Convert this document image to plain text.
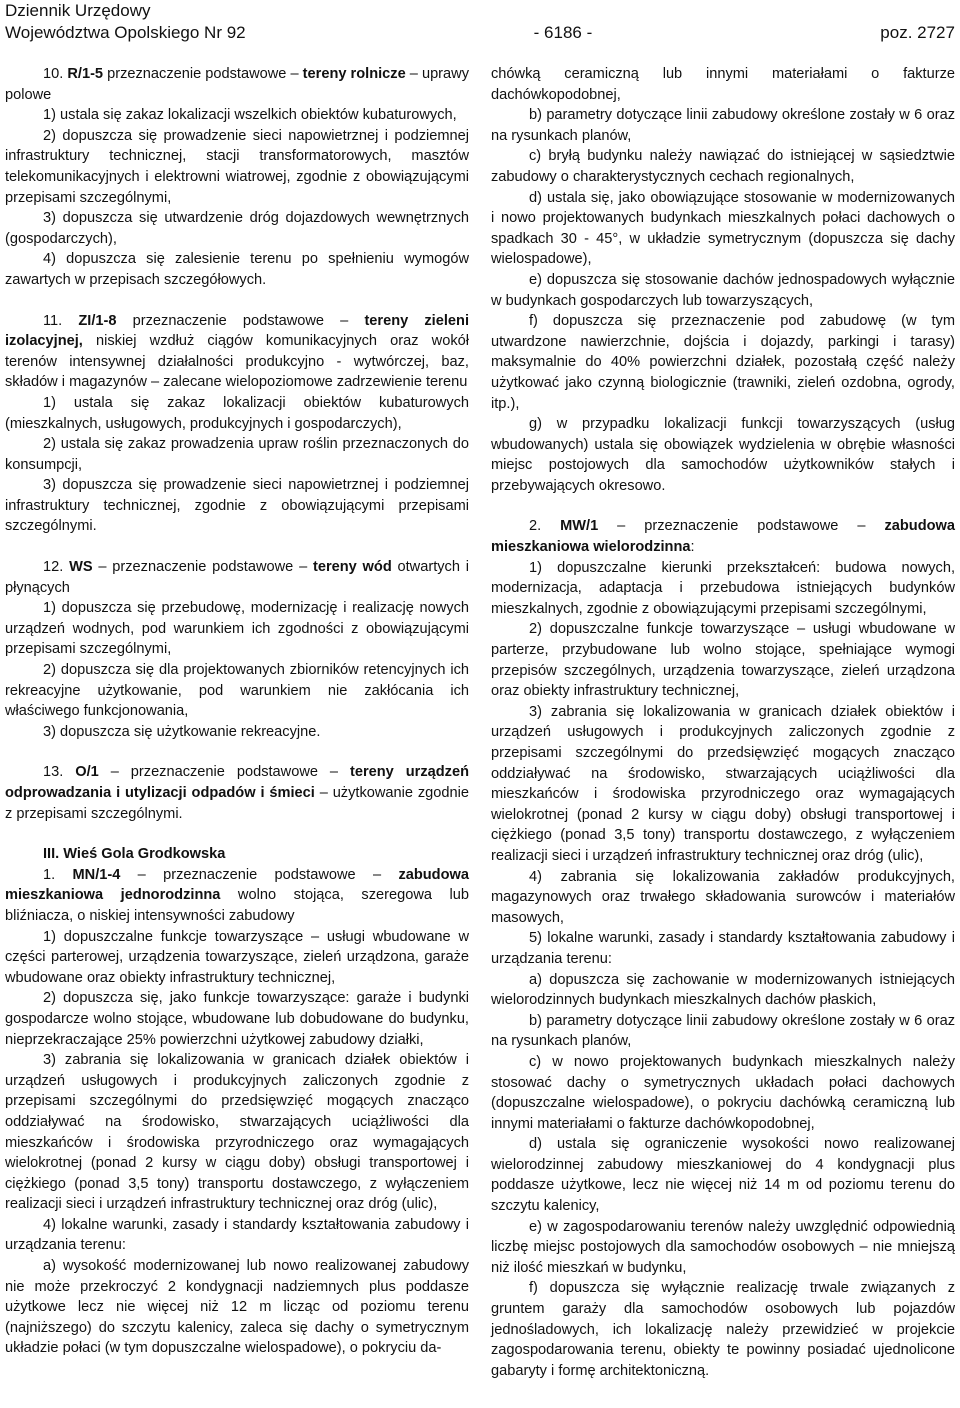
Dziennik Urzędowy
Województwa Opolskiego Nr 92	- 6186 -	poz. 2727

10. R/1-5 przeznaczenie podstawowe – tereny rolnicze – uprawy polowe

1) ustala się zakaz lokalizacji wszelkich obiektów kubaturowych,

2) dopuszcza się prowadzenie sieci napowietrznej i podziemnej infrastruktury technicznej, stacji transformatorowych, masztów telekomunikacyjnych i elektrowni wiatrowej, zgodnie z obowiązującymi przepisami szczególnymi,

3) dopuszcza się utwardzenie dróg dojazdowych wewnętrznych (gospodarczych),

4) dopuszcza się zalesienie terenu po spełnieniu wymogów zawartych w przepisach szczegółowych.

11. ZI/1-8 przeznaczenie podstawowe – tereny zieleni izolacyjnej, niskiej wzdłuż ciągów komunikacyjnych oraz wokół terenów intensywnej działalności produkcyjno - wytwórczej, baz, składów i magazynów – zalecane wielopoziomowe zadrzewienie terenu

1) ustala się zakaz lokalizacji obiektów kubaturowych (mieszkalnych, usługowych, produkcyjnych i gospodarczych),

2) ustala się zakaz prowadzenia upraw roślin przeznaczonych do konsumpcji,

3) dopuszcza się prowadzenie sieci napowietrznej i podziemnej infrastruktury technicznej, zgodnie z obowiązującymi przepisami szczególnymi.

12. WS – przeznaczenie podstawowe – tereny wód otwartych i płynących

1) dopuszcza się przebudowę, modernizację i realizację nowych urządzeń wodnych, pod warunkiem ich zgodności z obowiązującymi przepisami szczególnymi,

2) dopuszcza się dla projektowanych zbiorników retencyjnych ich rekreacyjne użytkowanie, pod warunkiem nie zakłócania ich właściwego funkcjonowania,

3) dopuszcza się użytkowanie rekreacyjne.

13. O/1 – przeznaczenie podstawowe – tereny urządzeń odprowadzania i utylizacji odpadów i śmieci – użytkowanie zgodnie z przepisami szczególnymi.

III. Wieś Gola Grodkowska

1. MN/1-4 – przeznaczenie podstawowe – zabudowa mieszkaniowa jednorodzinna wolno stojąca, szeregowa lub bliźniacza, o niskiej intensywności zabudowy

1) dopuszczalne funkcje towarzyszące – usługi wbudowane w części parterowej, urządzenia towarzyszące, zieleń urządzona, garaże wbudowane oraz obiekty infrastruktury technicznej,

2) dopuszcza się, jako funkcje towarzyszące: garaże i budynki gospodarcze wolno stojące, wbudowane lub dobudowane do budynku, nieprzekraczające 25% powierzchni użytkowej zabudowy działki,

3) zabrania się lokalizowania w granicach działek obiektów i urządzeń usługowych i produkcyjnych zaliczonych zgodnie z przepisami szczególnymi do przedsięwzięć mogących znacząco oddziaływać na środowisko, stwarzających uciążliwości dla mieszkańców i środowiska przyrodniczego oraz wymagających wielokrotnej (ponad 2 kursy w ciągu doby) obsługi transportowej i ciężkiego (ponad 3,5 tony) transportu dostawczego, z wyłączeniem realizacji sieci i urządzeń infrastruktury technicznej oraz dróg (ulic),

4) lokalne warunki, zasady i standardy kształtowania zabudowy i urządzania terenu:

a) wysokość modernizowanej lub nowo realizowanej zabudowy nie może przekroczyć 2 kondygnacji nadziemnych plus poddasze użytkowe lecz nie więcej niż 12 m licząc od poziomu terenu (najniższego) do szczytu kalenicy, zaleca się dachy o symetrycznym układzie połaci (w tym dopuszczalne wielospadowe), o pokryciu da-

chówką ceramiczną lub innymi materiałami o fakturze dachówkopodobnej,

b) parametry dotyczące linii zabudowy określone zostały w 6 oraz na rysunkach planów,

c) bryłą budynku należy nawiązać do istniejącej w sąsiedztwie zabudowy o charakterystycznych cechach regionalnych,

d) ustala się, jako obowiązujące stosowanie w modernizowanych i nowo projektowanych budynkach mieszkalnych połaci dachowych o spadkach 30 - 45°, w układzie symetrycznym (dopuszcza się dachy wielospadowe),

e) dopuszcza się stosowanie dachów jednospadowych wyłącznie w budynkach gospodarczych lub towarzyszących,

f) dopuszcza się przeznaczenie pod zabudowę (w tym utwardzone nawierzchnie, dojścia i dojazdy, parkingi i tarasy) maksymalnie do 40% powierzchni działek, pozostałą część należy użytkować jako czynną biologicznie (trawniki, zieleń ozdobna, ogrody, itp.),

g) w przypadku lokalizacji funkcji towarzyszących (usług wbudowanych) ustala się obowiązek wydzielenia w obrębie własności miejsc postojowych dla samochodów użytkowników stałych i przebywających okresowo.

2. MW/1 – przeznaczenie podstawowe – zabudowa mieszkaniowa wielorodzinna:

1) dopuszczalne kierunki przekształceń: budowa nowych, modernizacja, adaptacja i przebudowa istniejących budynków mieszkalnych, zgodnie z obowiązującymi przepisami szczególnymi,

2) dopuszczalne funkcje towarzyszące – usługi wbudowane w parterze, przybudowane lub wolno stojące, spełniające wymogi przepisów szczególnych, urządzenia towarzyszące, zieleń urządzona oraz obiekty infrastruktury technicznej,

3) zabrania się lokalizowania w granicach działek obiektów i urządzeń usługowych i produkcyjnych zaliczonych zgodnie z przepisami szczególnymi do przedsięwzięć mogących znacząco oddziaływać na środowisko, stwarzających uciążliwości dla mieszkańców i środowiska przyrodniczego oraz wymagających wielokrotnej (ponad 2 kursy w ciągu doby) obsługi transportowej i ciężkiego (ponad 3,5 tony) transportu dostawczego, z wyłączeniem realizacji sieci i urządzeń infrastruktury technicznej oraz dróg (ulic),

4) zabrania się lokalizowania zakładów produkcyjnych, magazynowych oraz trwałego składowania surowców i materiałów masowych,

5) lokalne warunki, zasady i standardy kształtowania zabudowy i urządzania terenu:

a) dopuszcza się zachowanie w modernizowanych istniejących wielorodzinnych budynkach mieszkalnych dachów płaskich,

b) parametry dotyczące linii zabudowy określone zostały w 6 oraz na rysunkach planów,

c) w nowo projektowanych budynkach mieszkalnych należy stosować dachy o symetrycznych układach połaci dachowych (dopuszczalne wielospadowe), o pokryciu dachówką ceramiczną lub innymi materiałami o fakturze dachówkopodobnej,

d) ustala się ograniczenie wysokości nowo realizowanej wielorodzinnej zabudowy mieszkaniowej do 4 kondygnacji plus poddasze użytkowe, lecz nie więcej niż 14 m od poziomu terenu do szczytu kalenicy,

e) w zagospodarowaniu terenów należy uwzględnić odpowiednią liczbę miejsc postojowych dla samochodów osobowych – nie mniejszą niż ilość mieszkań w budynku,

f) dopuszcza się wyłącznie realizację trwale związanych z gruntem garaży dla samochodów osobowych lub pojazdów jednośladowych, ich lokalizację należy przewidzieć w projekcie zagospodarowania terenu, obiekty te powinny posiadać ujednolicone gabaryty i formę architektoniczną.
